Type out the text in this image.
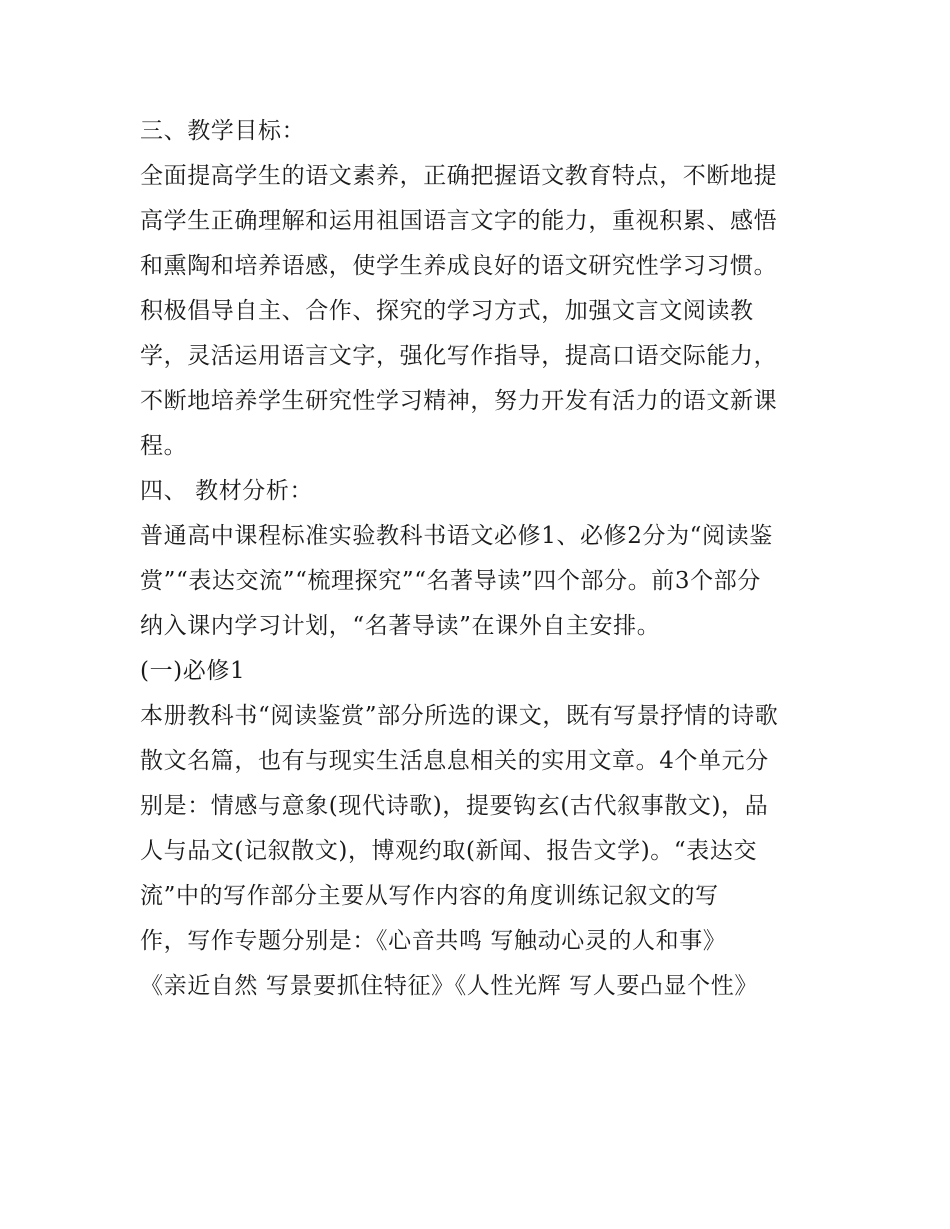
三、教学目标：
全面提高学生的语文素养，正确把握语文教育特点，不断地提
高学生正确理解和运用祖国语言文字的能力，重视积累、感悟
和熏陶和培养语感，使学生养成良好的语文研究性学习习惯。
积极倡导自主、合作、探究的学习方式，加强文言文阅读教
学，灵活运用语言文字，强化写作指导，提高口语交际能力，
不断地培养学生研究性学习精神，努力开发有活力的语文新课
程。
四、 教材分析：
普通高中课程标准实验教科书语文必修1、必修2分为“阅读鉴
赏”“表达交流”“梳理探究”“名著导读”四个部分。前3个部分
纳入课内学习计划，“名著导读”在课外自主安排。
(一)必修1
本册教科书“阅读鉴赏”部分所选的课文，既有写景抒情的诗歌
散文名篇，也有与现实生活息息相关的实用文章。4个单元分
别是：情感与意象(现代诗歌)，提要钩玄(古代叙事散文)，品
人与品文(记叙散文)，博观约取(新闻、报告文学)。“表达交
流”中的写作部分主要从写作内容的角度训练记叙文的写
作，写作专题分别是：《心音共鸣 写触动心灵的人和事》
《亲近自然 写景要抓住特征》《人性光辉 写人要凸显个性》
